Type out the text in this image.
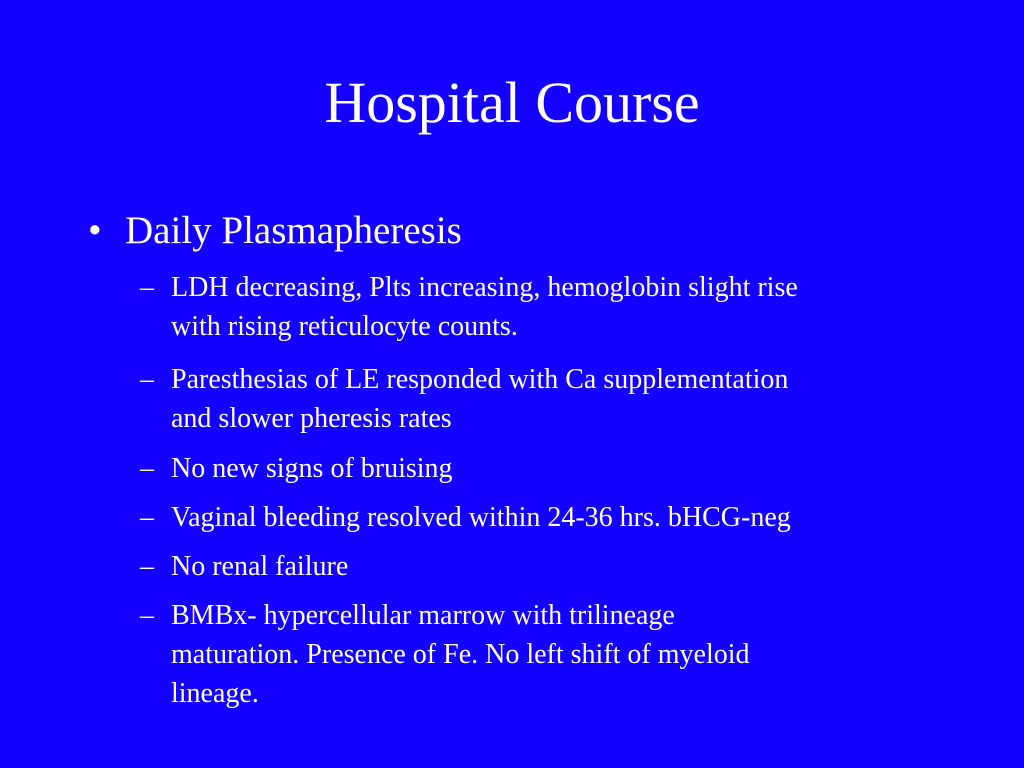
Hospital Course
• Daily Plasmapheresis
– LDH decreasing, Plts increasing, hemoglobin slight rise
with rising reticulocyte counts.
– Paresthesias of LE responded with Ca supplementation
and slower pheresis rates
– No new signs of bruising
– Vaginal bleeding resolved within 24-36 hrs. bHCG-neg
– No renal failure
– BMBx- hypercellular marrow with trilineage
maturation. Presence of Fe. No left shift of myeloid
lineage.
